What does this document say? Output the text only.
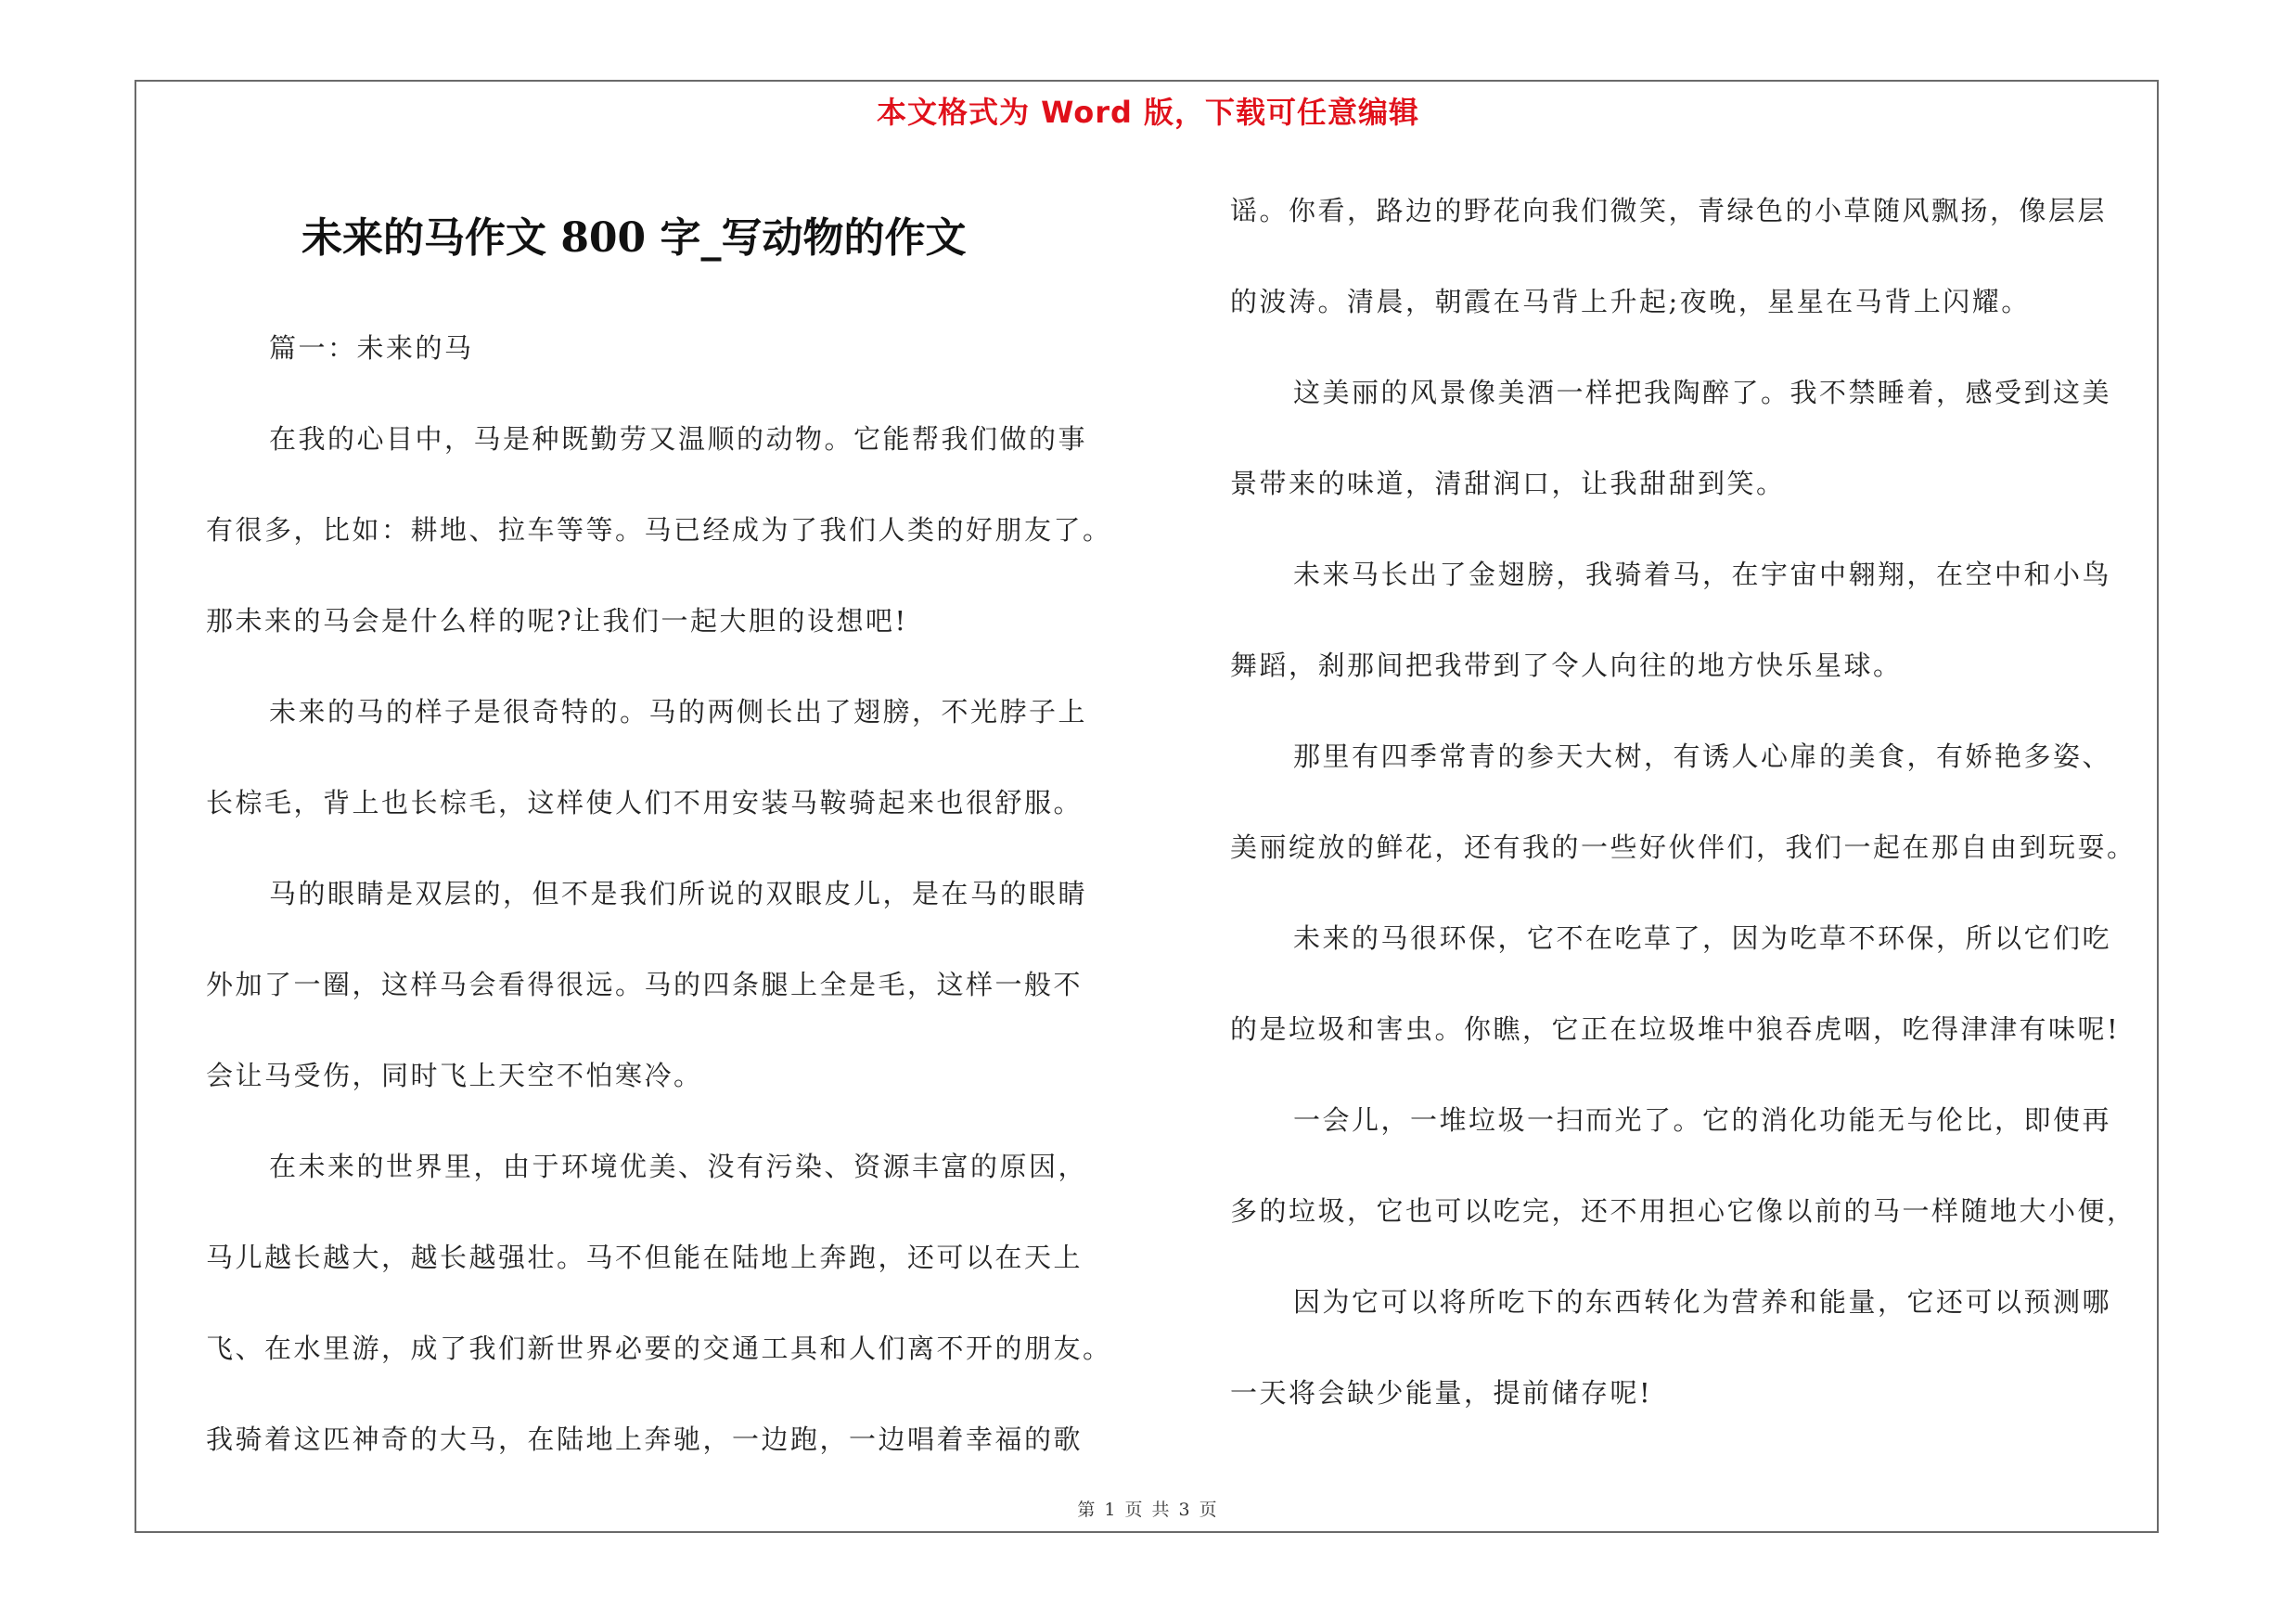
本文格式为 Word 版，下载可任意编辑
未来的马作文 800 字_写动物的作文
篇一：未来的马
在我的心目中，马是种既勤劳又温顺的动物。它能帮我们做的事
有很多，比如：耕地、拉车等等。马已经成为了我们人类的好朋友了。
那未来的马会是什么样的呢?让我们一起大胆的设想吧!
未来的马的样子是很奇特的。马的两侧长出了翅膀，不光脖子上
长棕毛，背上也长棕毛，这样使人们不用安装马鞍骑起来也很舒服。
马的眼睛是双层的，但不是我们所说的双眼皮儿，是在马的眼睛
外加了一圈，这样马会看得很远。马的四条腿上全是毛，这样一般不
会让马受伤，同时飞上天空不怕寒冷。
在未来的世界里，由于环境优美、没有污染、资源丰富的原因，
马儿越长越大，越长越强壮。马不但能在陆地上奔跑，还可以在天上
飞、在水里游，成了我们新世界必要的交通工具和人们离不开的朋友。
我骑着这匹神奇的大马，在陆地上奔驰，一边跑，一边唱着幸福的歌
谣。你看，路边的野花向我们微笑，青绿色的小草随风飘扬，像层层
的波涛。清晨，朝霞在马背上升起;夜晚，星星在马背上闪耀。
这美丽的风景像美酒一样把我陶醉了。我不禁睡着，感受到这美
景带来的味道，清甜润口，让我甜甜到笑。
未来马长出了金翅膀，我骑着马，在宇宙中翱翔，在空中和小鸟
舞蹈，刹那间把我带到了令人向往的地方快乐星球。
那里有四季常青的参天大树，有诱人心扉的美食，有娇艳多姿、
美丽绽放的鲜花，还有我的一些好伙伴们，我们一起在那自由到玩耍。
未来的马很环保，它不在吃草了，因为吃草不环保，所以它们吃
的是垃圾和害虫。你瞧，它正在垃圾堆中狼吞虎咽，吃得津津有味呢!
一会儿，一堆垃圾一扫而光了。它的消化功能无与伦比，即使再
多的垃圾，它也可以吃完，还不用担心它像以前的马一样随地大小便，
因为它可以将所吃下的东西转化为营养和能量，它还可以预测哪
一天将会缺少能量，提前储存呢!
第 1 页 共 3 页
